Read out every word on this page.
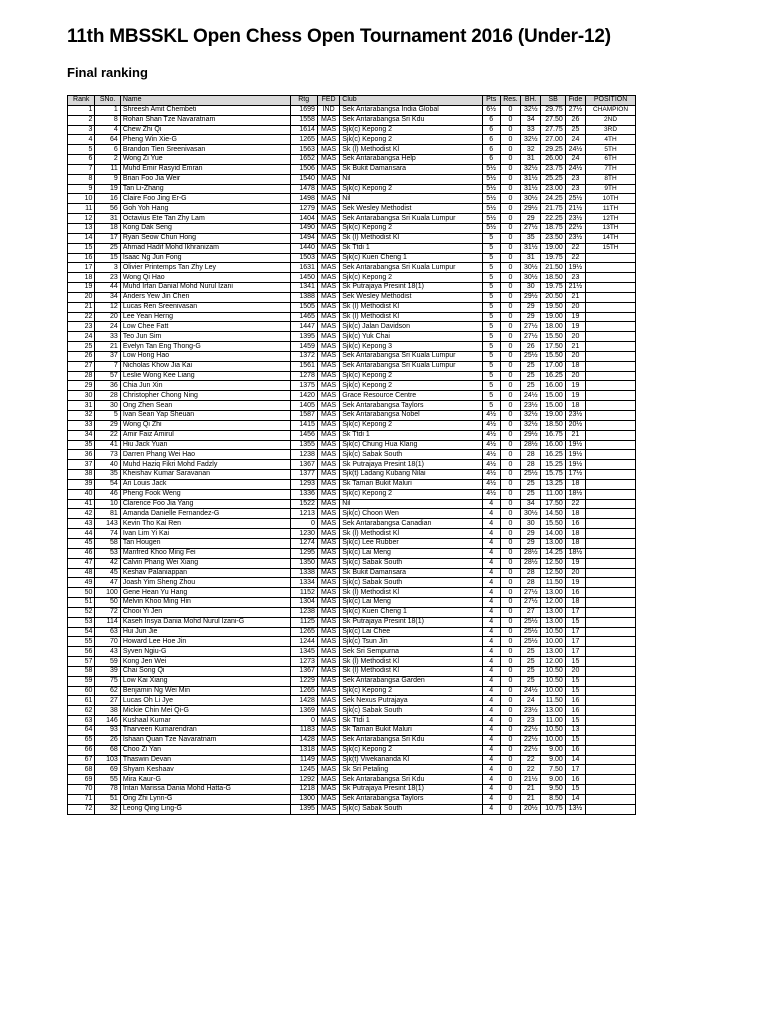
11th MBSSKL Open Chess Open Tournament 2016 (Under-12)
Final ranking
Rank	SNo.	Name	Rtg	FED	Club	Pts	Res.	BH.	SB	Fide	POSITION
1	1	Shreesh Amit Chembeti	1699	IND	Sek Antarabangsa India Global	6½	0	32½	29.75	27½	CHAMPION
2	8	Rohan Shan Tze Navaratnam	1558	MAS	Sek Antarabangsa Sri Kdu	6	0	34	27.50	26	2ND
3	4	Chew Zhi Qi	1614	MAS	Sjk(c) Kepong 2	6	0	33	27.75	25	3RD
4	64	Pheng Win Xie-G	1265	MAS	Sjk(c) Kepong 2	6	0	32½	27.00	24	4TH
5	6	Brandon Tien Sreenivasan	1563	MAS	Sk (l) Methodist Kl	6	0	32	29.25	24½	5TH
6	2	Wong Zi Yue	1652	MAS	Sek Antarabangsa Help	6	0	31	26.00	24	6TH
7	11	Muhd Emir Rasyid Emran	1506	MAS	Sk Bukit Damansara	5½	0	32½	23.75	24½	7TH
8	9	Brian Foo Jia Weir	1540	MAS	Nil	5½	0	31½	25.25	23	8TH
9	19	Tan Li-Zhang	1478	MAS	Sjk(c) Kepong 2	5½	0	31½	23.00	23	9TH
10	16	Claire Foo Jing Er-G	1498	MAS	Nil	5½	0	30½	24.25	25½	10TH
11	56	Goh Yoh Hang	1279	MAS	Sek Wesley Methodist	5½	0	29½	21.75	21½	11TH
12	31	Octavius Ete Tan Zhy Lam	1404	MAS	Sek Antarabangsa Sri Kuala Lumpur	5½	0	29	22.25	23½	12TH
13	18	Kong Dak Seng	1490	MAS	Sjk(c) Kepong 2	5½	0	27½	18.75	22½	13TH
14	17	Ryan Seow Chun Hong	1494	MAS	Sk (l) Methodist Kl	5	0	35	23.50	23½	14TH
15	25	Ahmad Hadif Mohd Ikhranizam	1440	MAS	Sk Ttdi 1	5	0	31½	19.00	22	15TH
16	15	Isaac Ng Jun Fong	1503	MAS	Sjk(c) Kuen Cheng 1	5	0	31	19.75	22	
17	3	Olivier Printemps Tan Zhy Ley	1631	MAS	Sek Antarabangsa Sri Kuala Lumpur	5	0	30½	21.50	19½	
18	23	Wong Qi Hao	1450	MAS	Sjk(c) Kepong 2	5	0	30½	18.50	23	
19	44	Muhd Irfan Danial Mohd Nurul Izani	1341	MAS	Sk Putrajaya Presint 18(1)	5	0	30	19.75	21½	
20	34	Anders Yew Jin Chen	1388	MAS	Sek Wesley Methodist	5	0	29½	20.50	21	
21	12	Lucas Ren Sreenivasan	1505	MAS	Sk (l) Methodist Kl	5	0	29	19.50	20	
22	20	Lee Yean Herng	1465	MAS	Sk (l) Methodist Kl	5	0	29	19.00	19	
23	24	Low Chee Fatt	1447	MAS	Sjk(c) Jalan Davidson	5	0	27½	18.00	19	
24	33	Teo Jun Sim	1395	MAS	Sjk(c) Yuk Chai	5	0	27½	15.50	20	
25	21	Evelyn Tan Eng Thong-G	1459	MAS	Sjk(c) Kepong 3	5	0	26	17.50	21	
26	37	Low Hong Hao	1372	MAS	Sek Antarabangsa Sri Kuala Lumpur	5	0	25½	15.50	20	
27	7	Nicholas Khow Jia Kai	1561	MAS	Sek Antarabangsa Sri Kuala Lumpur	5	0	25	17.00	18	
28	57	Leslie Wong Kee Liang	1278	MAS	Sjk(c) Kepong 2	5	0	25	16.25	20	
29	36	Chia Jun Xin	1375	MAS	Sjk(c) Kepong 2	5	0	25	16.00	19	
30	28	Christopher Chong Ning	1420	MAS	Grace Resource Centre	5	0	24½	15.00	19	
31	30	Ong Zhen Sean	1405	MAS	Sek Antarabangsa Taylors	5	0	23½	15.00	18	
32	5	Ivan Sean Yap Sheuan	1587	MAS	Sek Antarabangsa Nobel	4½	0	32½	19.00	23½	
33	29	Wong Qi Zhi	1415	MAS	Sjk(c) Kepong 2	4½	0	32½	18.50	20½	
34	22	Amir Faiz Amirul	1456	MAS	Sk Ttdi 1	4½	0	29½	16.75	21	
35	41	Hiu Jack Yuan	1355	MAS	Sjk(c) Chung Hua Klang	4½	0	28½	16.00	19½	
36	73	Darren Phang Wei Hao	1238	MAS	Sjk(c) Sabak South	4½	0	28	16.25	19½	
37	40	Muhd Haziq Fikri Mohd Fadzly	1367	MAS	Sk Putrajaya Presint 18(1)	4½	0	28	15.25	19½	
38	35	Kheishav Kumar Saravanan	1377	MAS	Sjk(t) Ladang Kubang Nilai	4½	0	25½	15.75	17½	
39	54	Ari Louis Jack	1293	MAS	Sk Taman Bukit Maluri	4½	0	25	13.25	18	
40	46	Pheng Fook Weng	1336	MAS	Sjk(c) Kepong 2	4½	0	25	11.00	18½	
41	10	Clarence Foo Jia Yang	1522	MAS	Nil	4	0	34	17.50	22	
42	81	Amanda Danielle Fernandez-G	1213	MAS	Sjk(c) Choon Wen	4	0	30½	14.50	18	
43	143	Kevin Tho Kai Ren	0	MAS	Sek Antarabangsa Canadian	4	0	30	15.50	16	
44	74	Ivan Lim Yi Kai	1230	MAS	Sk (l) Methodist Kl	4	0	29	14.00	18	
45	58	Tan Hougen	1274	MAS	Sjk(c) Lee Rubber	4	0	29	13.00	18	
46	53	Manfred Khoo Ming Fei	1295	MAS	Sjk(c) Lai Meng	4	0	28½	14.25	18½	
47	42	Calvin Phang Wei Xiang	1350	MAS	Sjk(c) Sabak South	4	0	28½	12.50	19	
48	45	Keshav Palaniappan	1338	MAS	Sk Bukit Damansara	4	0	28	12.50	20	
49	47	Joash Yim Sheng Zhou	1334	MAS	Sjk(c) Sabak South	4	0	28	11.50	19	
50	100	Gene Hean Yu Hang	1152	MAS	Sk (l) Methodist Kl	4	0	27½	13.00	16	
51	50	Melvin Khoo Ming Hin	1304	MAS	Sjk(c) Lai Meng	4	0	27½	12.00	18	
52	72	Chooi Yi Jen	1238	MAS	Sjk(c) Kuen Cheng 1	4	0	27	13.00	17	
53	114	Kaseh Insya Dania Mohd Nurul Izani-G	1125	MAS	Sk Putrajaya Presint 18(1)	4	0	25½	13.00	15	
54	63	Hui Jun Jie	1265	MAS	Sjk(c) Lai Chee	4	0	25½	10.50	17	
55	70	Howard Lee Hoe Jin	1244	MAS	Sjk(c) Tsun Jin	4	0	25½	10.00	17	
56	43	Syven Ngiu-G	1345	MAS	Sek Sri Sempurna	4	0	25	13.00	17	
57	59	Kong Jen Wei	1273	MAS	Sk (l) Methodist Kl	4	0	25	12.00	15	
58	39	Chai Song Qi	1367	MAS	Sk (l) Methodist Kl	4	0	25	10.50	20	
59	75	Low Kai Xiang	1229	MAS	Sek Antarabangsa Garden	4	0	25	10.50	15	
60	62	Benjamin Ng Wei Min	1265	MAS	Sjk(c) Kepong 2	4	0	24½	10.00	15	
61	27	Lucas Oh Li Jye	1428	MAS	Sek Nexus Putrajaya	4	0	24	11.50	16	
62	38	Mickie Chin Mei Qi-G	1369	MAS	Sjk(c) Sabak South	4	0	23½	13.00	16	
63	146	Kushaal Kumar	0	MAS	Sk Ttdi 1	4	0	23	11.00	15	
64	93	Tharveen Kumarendran	1183	MAS	Sk Taman Bukit Maluri	4	0	22½	10.50	13	
65	26	Ishaan Quan Tze Navaratnam	1428	MAS	Sek Antarabangsa Sri Kdu	4	0	22½	10.00	15	
66	68	Choo Zi Yan	1318	MAS	Sjk(c) Kepong 2	4	0	22½	9.00	16	
67	103	Thaswin Devan	1149	MAS	Sjk(t) Vivekananda Kl	4	0	22	9.00	14	
68	69	Shyam Keshaav	1245	MAS	Sk Sri Petaling	4	0	22	7.50	17	
69	55	Mira Kaur-G	1292	MAS	Sek Antarabangsa Sri Kdu	4	0	21½	9.00	16	
70	78	Intan Marissa Dania Mohd Hatta-G	1218	MAS	Sk Putrajaya Presint 18(1)	4	0	21	9.50	15	
71	51	Ong Zhi Lynn-G	1300	MAS	Sek Antarabangsa Taylors	4	0	21	8.50	14	
72	32	Leong Qing Ling-G	1395	MAS	Sjk(c) Sabak South	4	0	20½	10.75	13½	
